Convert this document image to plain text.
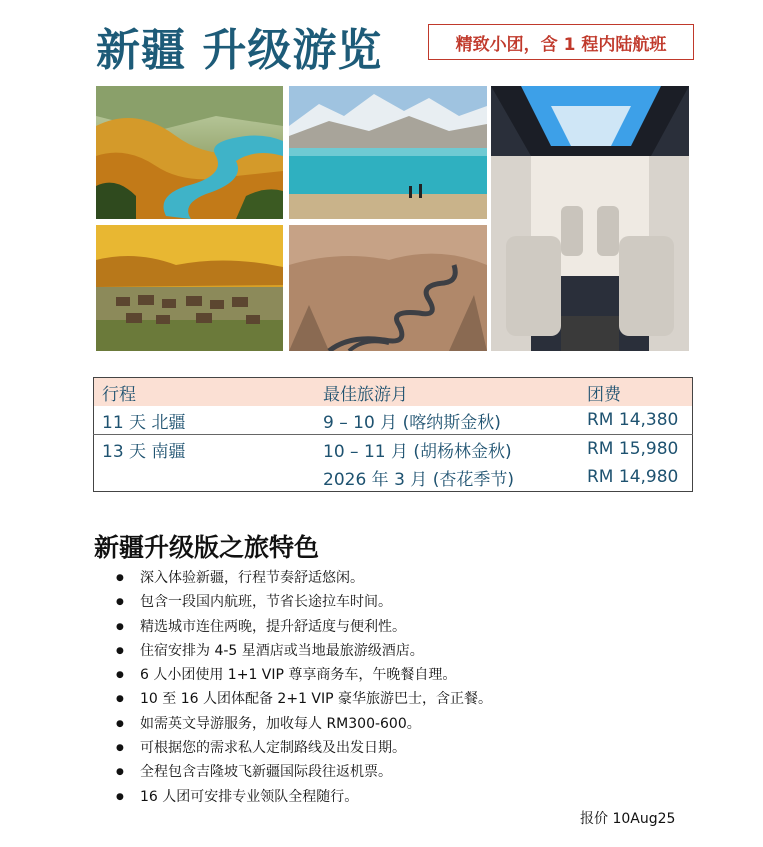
新疆 升级游览	精致小团，含 1 程内陆航班
行程	最佳旅游月	团费
11 天 北疆	9 – 10 月 (喀纳斯金秋)	RM 14,380
13 天 南疆	10 – 11 月 (胡杨林金秋)	RM 15,980
	2026 年 3 月 (杏花季节)	RM 14,980
新疆升级版之旅特色
● 深入体验新疆，行程节奏舒适悠闲。
● 包含一段国内航班，节省长途拉车时间。
● 精选城市连住两晚，提升舒适度与便利性。
● 住宿安排为 4-5 星酒店或当地最旅游级酒店。
● 6 人小团使用 1+1 VIP 尊享商务车，午晚餐自理。
● 10 至 16 人团体配备 2+1 VIP 豪华旅游巴士，含正餐。
● 如需英文导游服务，加收每人 RM300-600。
● 可根据您的需求私人定制路线及出发日期。
● 全程包含吉隆坡飞新疆国际段往返机票。
● 16 人团可安排专业领队全程随行。
报价 10Aug25
